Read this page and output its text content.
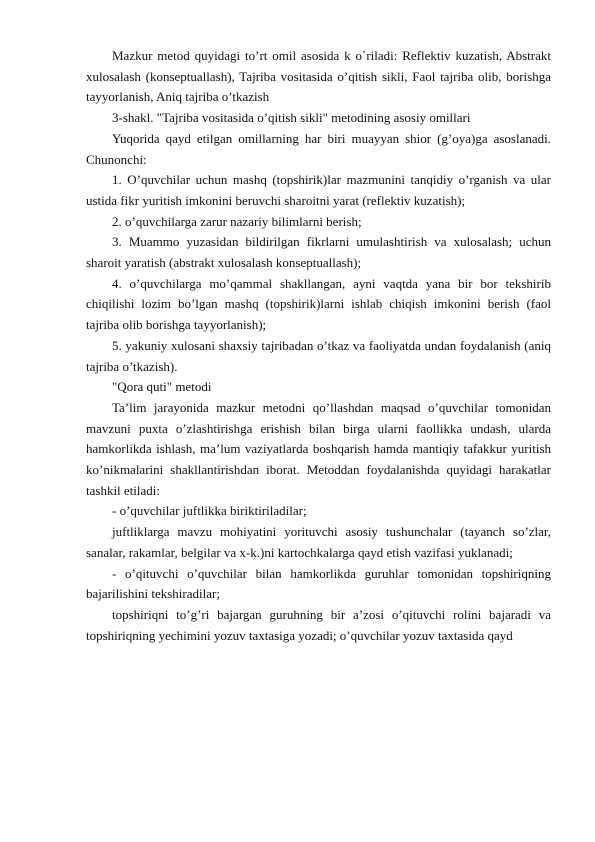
Mazkur metod quyidagi to’rt omil asosida k o`riladi: Reflektiv kuzatish, Abstrakt xulosalash (konseptuallash), Tajriba vositasida o’qitish sikli, Faol tajriba olib, borishga tayyorlanish, Aniq tajriba o’tkazish

3-shakl. "Tajriba vositasida o’qitish sikli" metodining asosiy omillari

Yuqorida qayd etilgan omillarning har biri muayyan shior (g’oya)ga asoslanadi. Chunonchi:

1. O’quvchilar uchun mashq (topshirik)lar mazmunini tanqidiy o’rganish va ular ustida fikr yuritish imkonini beruvchi sharoitni yarat (reflektiv kuzatish);

2. o’quvchilarga zarur nazariy bilimlarni berish;

3. Muammo yuzasidan bildirilgan fikrlarni umulashtirish va xulosalash; uchun sharoit yaratish (abstrakt xulosalash konseptuallash);

4. o’quvchilarga mo’qammal shakllangan, ayni vaqtda yana bir bor tekshirib chiqilishi lozim bo’lgan mashq (topshirik)larni ishlab chiqish imkonini berish (faol tajriba olib borishga tayyorlanish);

5. yakuniy xulosani shaxsiy tajribadan o’tkaz va faoliyatda undan foydalanish (aniq tajriba o’tkazish).

"Qora quti" metodi

Ta’lim jarayonida mazkur metodni qo’llashdan maqsad o’quvchilar tomonidan mavzuni puxta o’zlashtirishga erishish bilan birga ularni faollikka undash, ularda hamkorlikda ishlash, ma’lum vaziyatlarda boshqarish hamda mantiqiy tafakkur yuritish ko’nikmalarini shakllantirishdan iborat. Metoddan foydalanishda quyidagi harakatlar tashkil etiladi:

- o’quvchilar juftlikka biriktiriladilar;

juftliklarga mavzu mohiyatini yorituvchi asosiy tushunchalar (tayanch so’zlar, sanalar, rakamlar, belgilar va x-k.)ni kartochkalarga qayd etish vazifasi yuklanadi;

- o’qituvchi o’quvchilar bilan hamkorlikda guruhlar tomonidan topshiriqning bajarilishini tekshiradilar;

topshiriqni to’g’ri bajargan guruhning bir a’zosi o’qituvchi rolini bajaradi va topshiriqning yechimini yozuv taxtasiga yozadi; o’quvchilar yozuv taxtasida qayd
